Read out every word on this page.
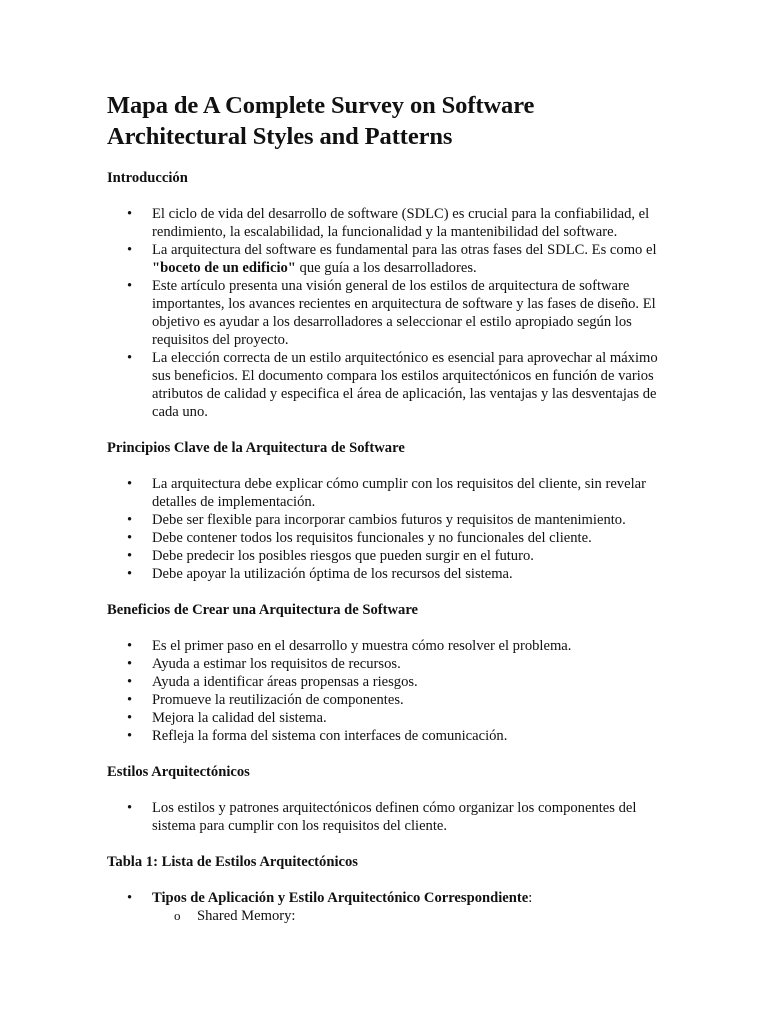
Mapa de A Complete Survey on Software Architectural Styles and Patterns
Introducción
• El ciclo de vida del desarrollo de software (SDLC) es crucial para la confiabilidad, el rendimiento, la escalabilidad, la funcionalidad y la mantenibilidad del software.
• La arquitectura del software es fundamental para las otras fases del SDLC. Es como el "boceto de un edificio" que guía a los desarrolladores.
• Este artículo presenta una visión general de los estilos de arquitectura de software importantes, los avances recientes en arquitectura de software y las fases de diseño. El objetivo es ayudar a los desarrolladores a seleccionar el estilo apropiado según los requisitos del proyecto.
• La elección correcta de un estilo arquitectónico es esencial para aprovechar al máximo sus beneficios. El documento compara los estilos arquitectónicos en función de varios atributos de calidad y especifica el área de aplicación, las ventajas y las desventajas de cada uno.
Principios Clave de la Arquitectura de Software
• La arquitectura debe explicar cómo cumplir con los requisitos del cliente, sin revelar detalles de implementación.
• Debe ser flexible para incorporar cambios futuros y requisitos de mantenimiento.
• Debe contener todos los requisitos funcionales y no funcionales del cliente.
• Debe predecir los posibles riesgos que pueden surgir en el futuro.
• Debe apoyar la utilización óptima de los recursos del sistema.
Beneficios de Crear una Arquitectura de Software
• Es el primer paso en el desarrollo y muestra cómo resolver el problema.
• Ayuda a estimar los requisitos de recursos.
• Ayuda a identificar áreas propensas a riesgos.
• Promueve la reutilización de componentes.
• Mejora la calidad del sistema.
• Refleja la forma del sistema con interfaces de comunicación.
Estilos Arquitectónicos
• Los estilos y patrones arquitectónicos definen cómo organizar los componentes del sistema para cumplir con los requisitos del cliente.
Tabla 1: Lista de Estilos Arquitectónicos
• Tipos de Aplicación y Estilo Arquitectónico Correspondiente:
o Shared Memory:
